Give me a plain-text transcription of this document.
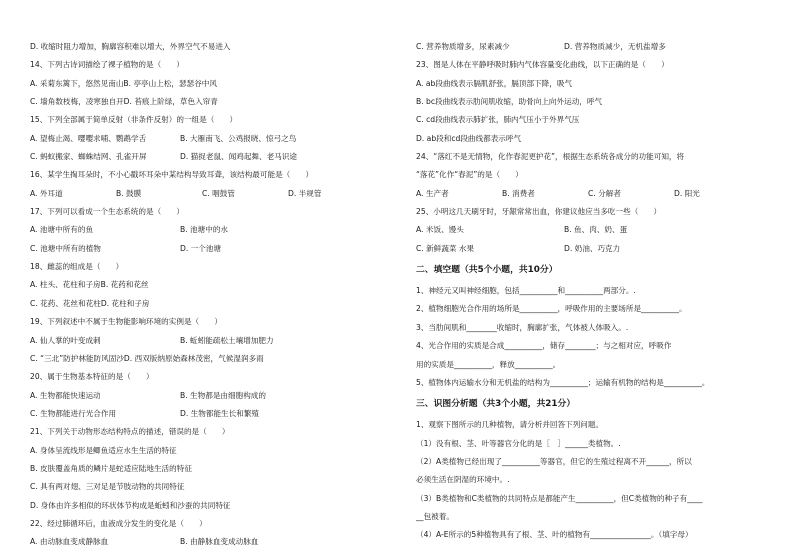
D. 收缩时阻力增加，胸廓容积难以增大，外界空气不易进入
14、下列古诗词描绘了裸子植物的是（　　）
A. 采菊东篱下，悠然见南山B. 亭亭山上松，瑟瑟谷中风
C. 墙角数枝梅，凌寒独自开D. 苔痕上阶绿，草色入帘青
15、下列全部属于简单反射（非条件反射）的一组是（　　）
A. 望梅止渴、嘤嘤求哺、鹦鹉学舌	B. 大雁南飞、公鸡报晓、惊弓之鸟
C. 蚂蚁搬家、蜘蛛结网、孔雀开屏	D. 猫捉老鼠、闻鸡起舞、老马识途
16、某学生掏耳朵时，不小心戳坏耳朵中某结构导致耳聋，该结构最可能是（　　）
A. 外耳道	B. 鼓膜	C. 咽鼓管	D. 半规管
17、下列可以看成一个生态系统的是（　　）
A. 池塘中所有的鱼	B. 池塘中的水
C. 池塘中所有的植物	D. 一个池塘
18、雌蕊的组成是（　　）
A. 柱头、花柱和子房B. 花药和花丝
C. 花药、花丝和花柱D. 花柱和子房
19、下列叙述中不属于生物能影响环境的实例是（　　）
A. 仙人掌的叶变成刺	B. 蚯蚓能疏松土壤增加肥力
C. “三北”防护林能防风固沙D. 西双版纳原始森林茂密，气候湿润多雨
20、属于生物基本特征的是（　　）
A. 生物都能快速运动	B. 生物都是由细胞构成的
C. 生物都能进行光合作用	D. 生物都能生长和繁殖
21、下列关于动物形态结构特点的描述，错误的是（　　）
A. 身体呈流线形是鲫鱼适应水生生活的特征
B. 皮肤覆盖角质的鳞片是蛇适应陆地生活的特征
C. 具有两对翅、三对足是节肢动物的共同特征
D. 身体由许多相似的环状体节构成是蚯蚓和沙蚕的共同特征
22、经过肺循环后，血液成分发生的变化是（　　）
A. 由动脉血变成静脉血	B. 由静脉血变成动脉血
C. 营养物质增多，尿素减少	D. 营养物质减少，无机盐增多
23、图是人体在平静呼吸时肺内气体容量变化曲线，以下正确的是（　　）
A. ab段曲线表示膈肌舒张，膈顶部下降，吸气
B. bc段曲线表示肋间肌收缩，助骨向上向外运动，呼气
C. cd段曲线表示肺扩张，肺内气压小于外界气压
D. ab段和cd段曲线都表示呼气
24、“落红不是无情物，化作春泥更护花”，根据生态系统各成分的功能可知，将
“落花”化作“春泥”的是（　　）
A. 生产者	B. 消费者	C. 分解者	D. 阳光
25、小明这几天刷牙时，牙龈常常出血，你建议他应当多吃一些（　　）
A. 米饭、馒头	B. 鱼、肉、奶、蛋
C. 新鲜蔬菜 水果	D. 奶油、巧克力
二、填空题（共5个小题，共10分）
1、神经元又叫神经细胞，包括__________和__________两部分。.
2、植物细胞光合作用的场所是__________，呼吸作用的主要场所是__________。
3、当肋间肌和________收缩时，胸廓扩张，气体被人体吸入。.
4、光合作用的实质是合成__________，储存________；与之相对应，呼吸作
用的实质是__________，释放__________。
5、植物体内运输水分和无机盐的结构为__________；运输有机物的结构是__________。
三、识图分析题（共3个小题，共21分）
1、观察下图所示的几种植物，请分析并回答下列问题。
（1）没有根、茎、叶等器官分化的是［　］______类植物。.
（2）A类植物已经出现了__________等器官，但它的生殖过程离不开______，所以
必须生活在阴湿的环境中。.
（3）B类植物和C类植物的共同特点是都能产生__________，但C类植物的种子有____
__包被着。
（4）A-E所示的5种植物具有了根、茎、叶的植物有________________。（填字母）
